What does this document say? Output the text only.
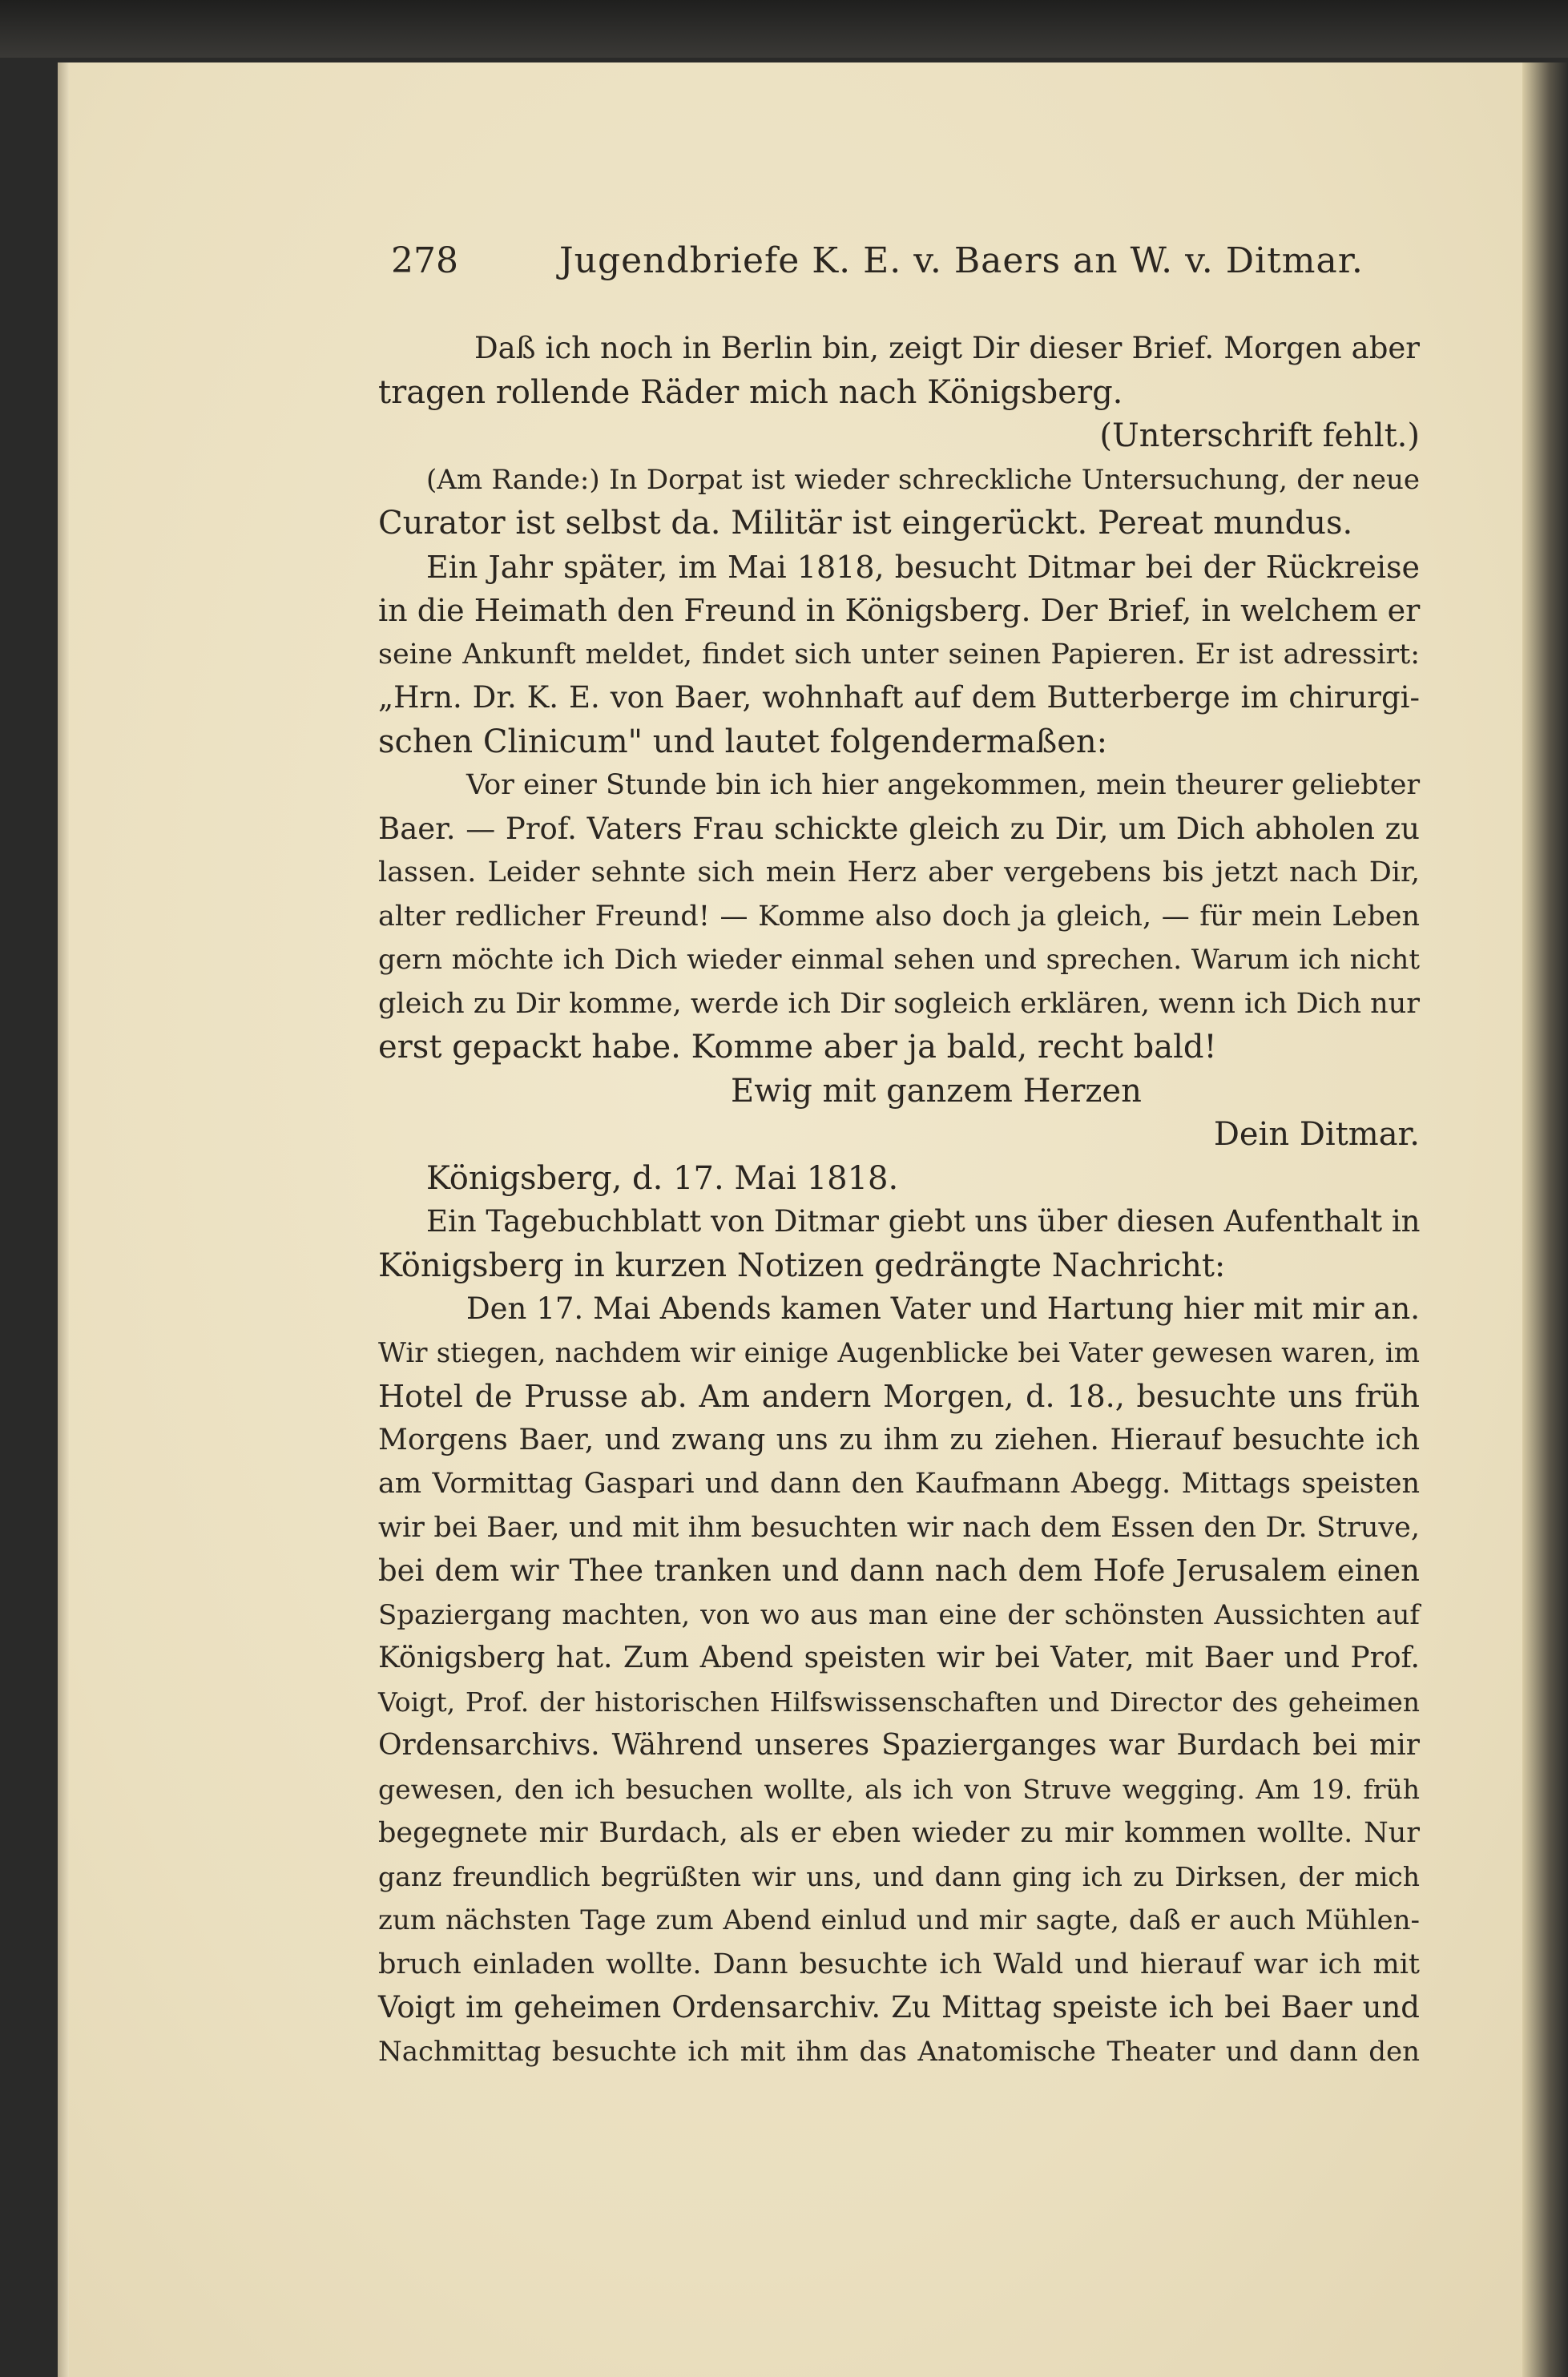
278	Jugendbriefe K. E. v. Baers an W. v. Ditmar.
Daß ich noch in Berlin bin, zeigt Dir dieser Brief. Morgen aber
tragen rollende Räder mich nach Königsberg.
(Unterschrift fehlt.)
(Am Rande:) In Dorpat ist wieder schreckliche Untersuchung, der neue
Curator ist selbst da. Militär ist eingerückt. Pereat mundus.
Ein Jahr später, im Mai 1818, besucht Ditmar bei der Rückreise
in die Heimath den Freund in Königsberg. Der Brief, in welchem er
seine Ankunft meldet, findet sich unter seinen Papieren. Er ist adressirt:
„Hrn. Dr. K. E. von Baer, wohnhaft auf dem Butterberge im chirurgi-
schen Clinicum" und lautet folgendermaßen:
Vor einer Stunde bin ich hier angekommen, mein theurer geliebter
Baer. — Prof. Vaters Frau schickte gleich zu Dir, um Dich abholen zu
lassen. Leider sehnte sich mein Herz aber vergebens bis jetzt nach Dir,
alter redlicher Freund! — Komme also doch ja gleich, — für mein Leben
gern möchte ich Dich wieder einmal sehen und sprechen. Warum ich nicht
gleich zu Dir komme, werde ich Dir sogleich erklären, wenn ich Dich nur
erst gepackt habe. Komme aber ja bald, recht bald!
Ewig mit ganzem Herzen
Dein Ditmar.
Königsberg, d. 17. Mai 1818.
Ein Tagebuchblatt von Ditmar giebt uns über diesen Aufenthalt in
Königsberg in kurzen Notizen gedrängte Nachricht:
Den 17. Mai Abends kamen Vater und Hartung hier mit mir an.
Wir stiegen, nachdem wir einige Augenblicke bei Vater gewesen waren, im
Hotel de Prusse ab. Am andern Morgen, d. 18., besuchte uns früh
Morgens Baer, und zwang uns zu ihm zu ziehen. Hierauf besuchte ich
am Vormittag Gaspari und dann den Kaufmann Abegg. Mittags speisten
wir bei Baer, und mit ihm besuchten wir nach dem Essen den Dr. Struve,
bei dem wir Thee tranken und dann nach dem Hofe Jerusalem einen
Spaziergang machten, von wo aus man eine der schönsten Aussichten auf
Königsberg hat. Zum Abend speisten wir bei Vater, mit Baer und Prof.
Voigt, Prof. der historischen Hilfswissenschaften und Director des geheimen
Ordensarchivs. Während unseres Spazierganges war Burdach bei mir
gewesen, den ich besuchen wollte, als ich von Struve wegging. Am 19. früh
begegnete mir Burdach, als er eben wieder zu mir kommen wollte. Nur
ganz freundlich begrüßten wir uns, und dann ging ich zu Dirksen, der mich
zum nächsten Tage zum Abend einlud und mir sagte, daß er auch Mühlen-
bruch einladen wollte. Dann besuchte ich Wald und hierauf war ich mit
Voigt im geheimen Ordensarchiv. Zu Mittag speiste ich bei Baer und
Nachmittag besuchte ich mit ihm das Anatomische Theater und dann den
